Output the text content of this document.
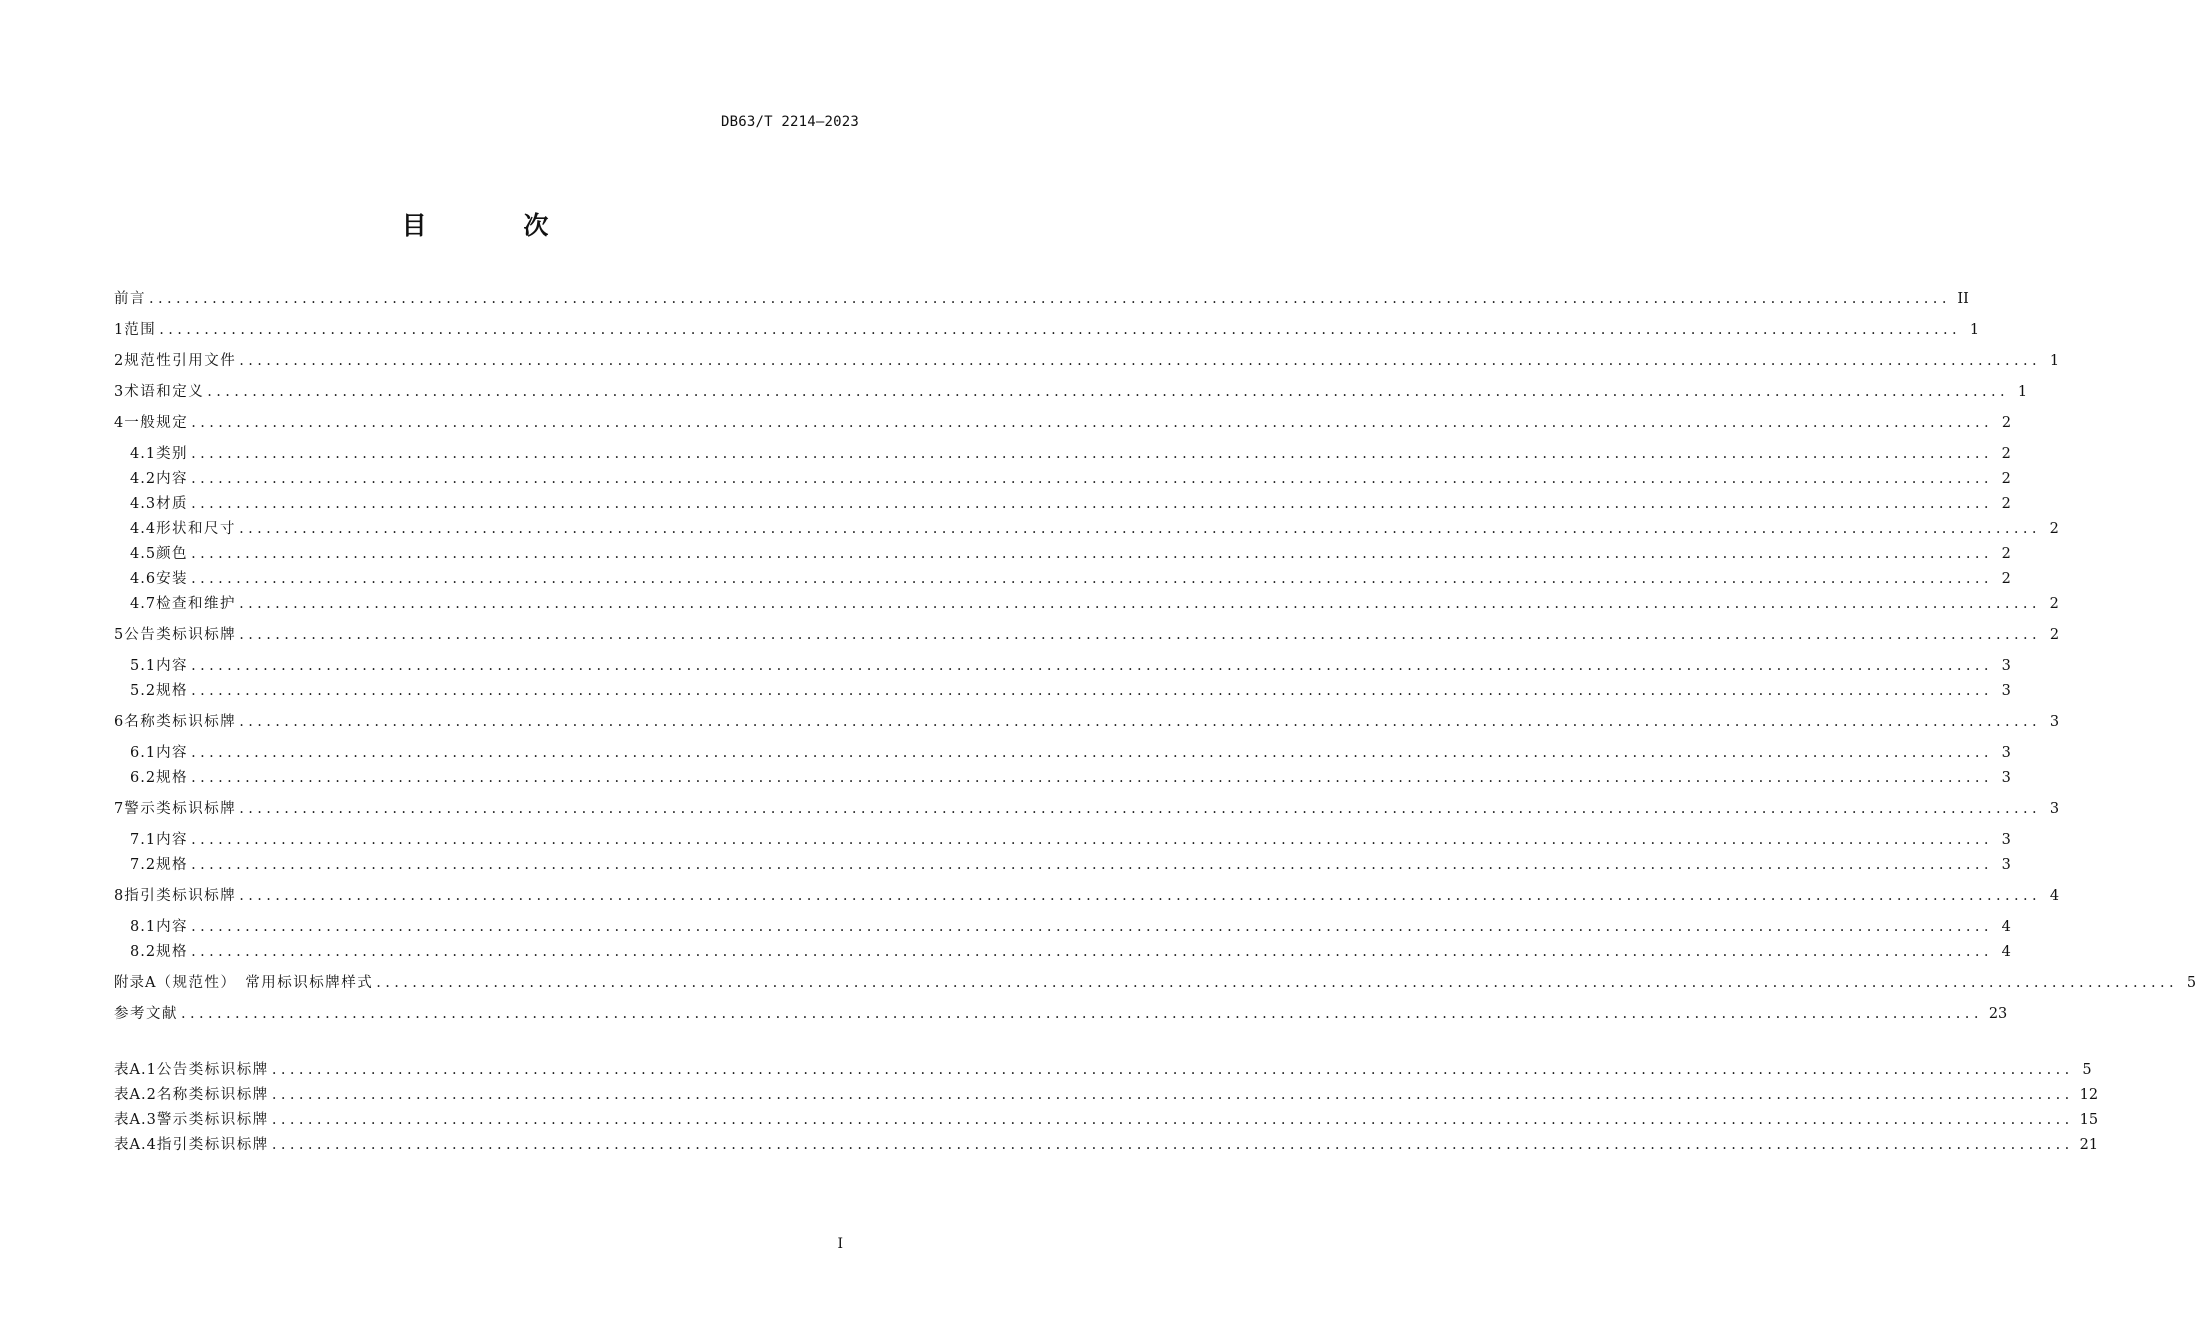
DB63/T 2214—2023
目 次
前言 ........................................................................................................................................................................................................ II
1 范围 ........................................................................................................................................................................................................ 1
2 规范性引用文件 ........................................................................................................................................................................................................ 1
3 术语和定义 ........................................................................................................................................................................................................ 1
4 一般规定 ........................................................................................................................................................................................................ 2
4.1 类别 ........................................................................................................................................................................................................ 2
4.2 内容 ........................................................................................................................................................................................................ 2
4.3 材质 ........................................................................................................................................................................................................ 2
4.4 形状和尺寸 ........................................................................................................................................................................................................ 2
4.5 颜色 ........................................................................................................................................................................................................ 2
4.6 安装 ........................................................................................................................................................................................................ 2
4.7 检查和维护 ........................................................................................................................................................................................................ 2
5 公告类标识标牌 ........................................................................................................................................................................................................ 2
5.1 内容 ........................................................................................................................................................................................................ 3
5.2 规格 ........................................................................................................................................................................................................ 3
6 名称类标识标牌 ........................................................................................................................................................................................................ 3
6.1 内容 ........................................................................................................................................................................................................ 3
6.2 规格 ........................................................................................................................................................................................................ 3
7 警示类标识标牌 ........................................................................................................................................................................................................ 3
7.1 内容 ........................................................................................................................................................................................................ 3
7.2 规格 ........................................................................................................................................................................................................ 3
8 指引类标识标牌 ........................................................................................................................................................................................................ 4
8.1 内容 ........................................................................................................................................................................................................ 4
8.2 规格 ........................................................................................................................................................................................................ 4
附录A （规范性）　常用标识标牌样式 ........................................................................................................................................................................................................ 5
参考文献 ........................................................................................................................................................................................................ 23
表A.1 公告类标识标牌 ........................................................................................................................................................................................................ 5
表A.2 名称类标识标牌 ........................................................................................................................................................................................................ 12
表A.3 警示类标识标牌 ........................................................................................................................................................................................................ 15
表A.4 指引类标识标牌 ........................................................................................................................................................................................................ 21
I
